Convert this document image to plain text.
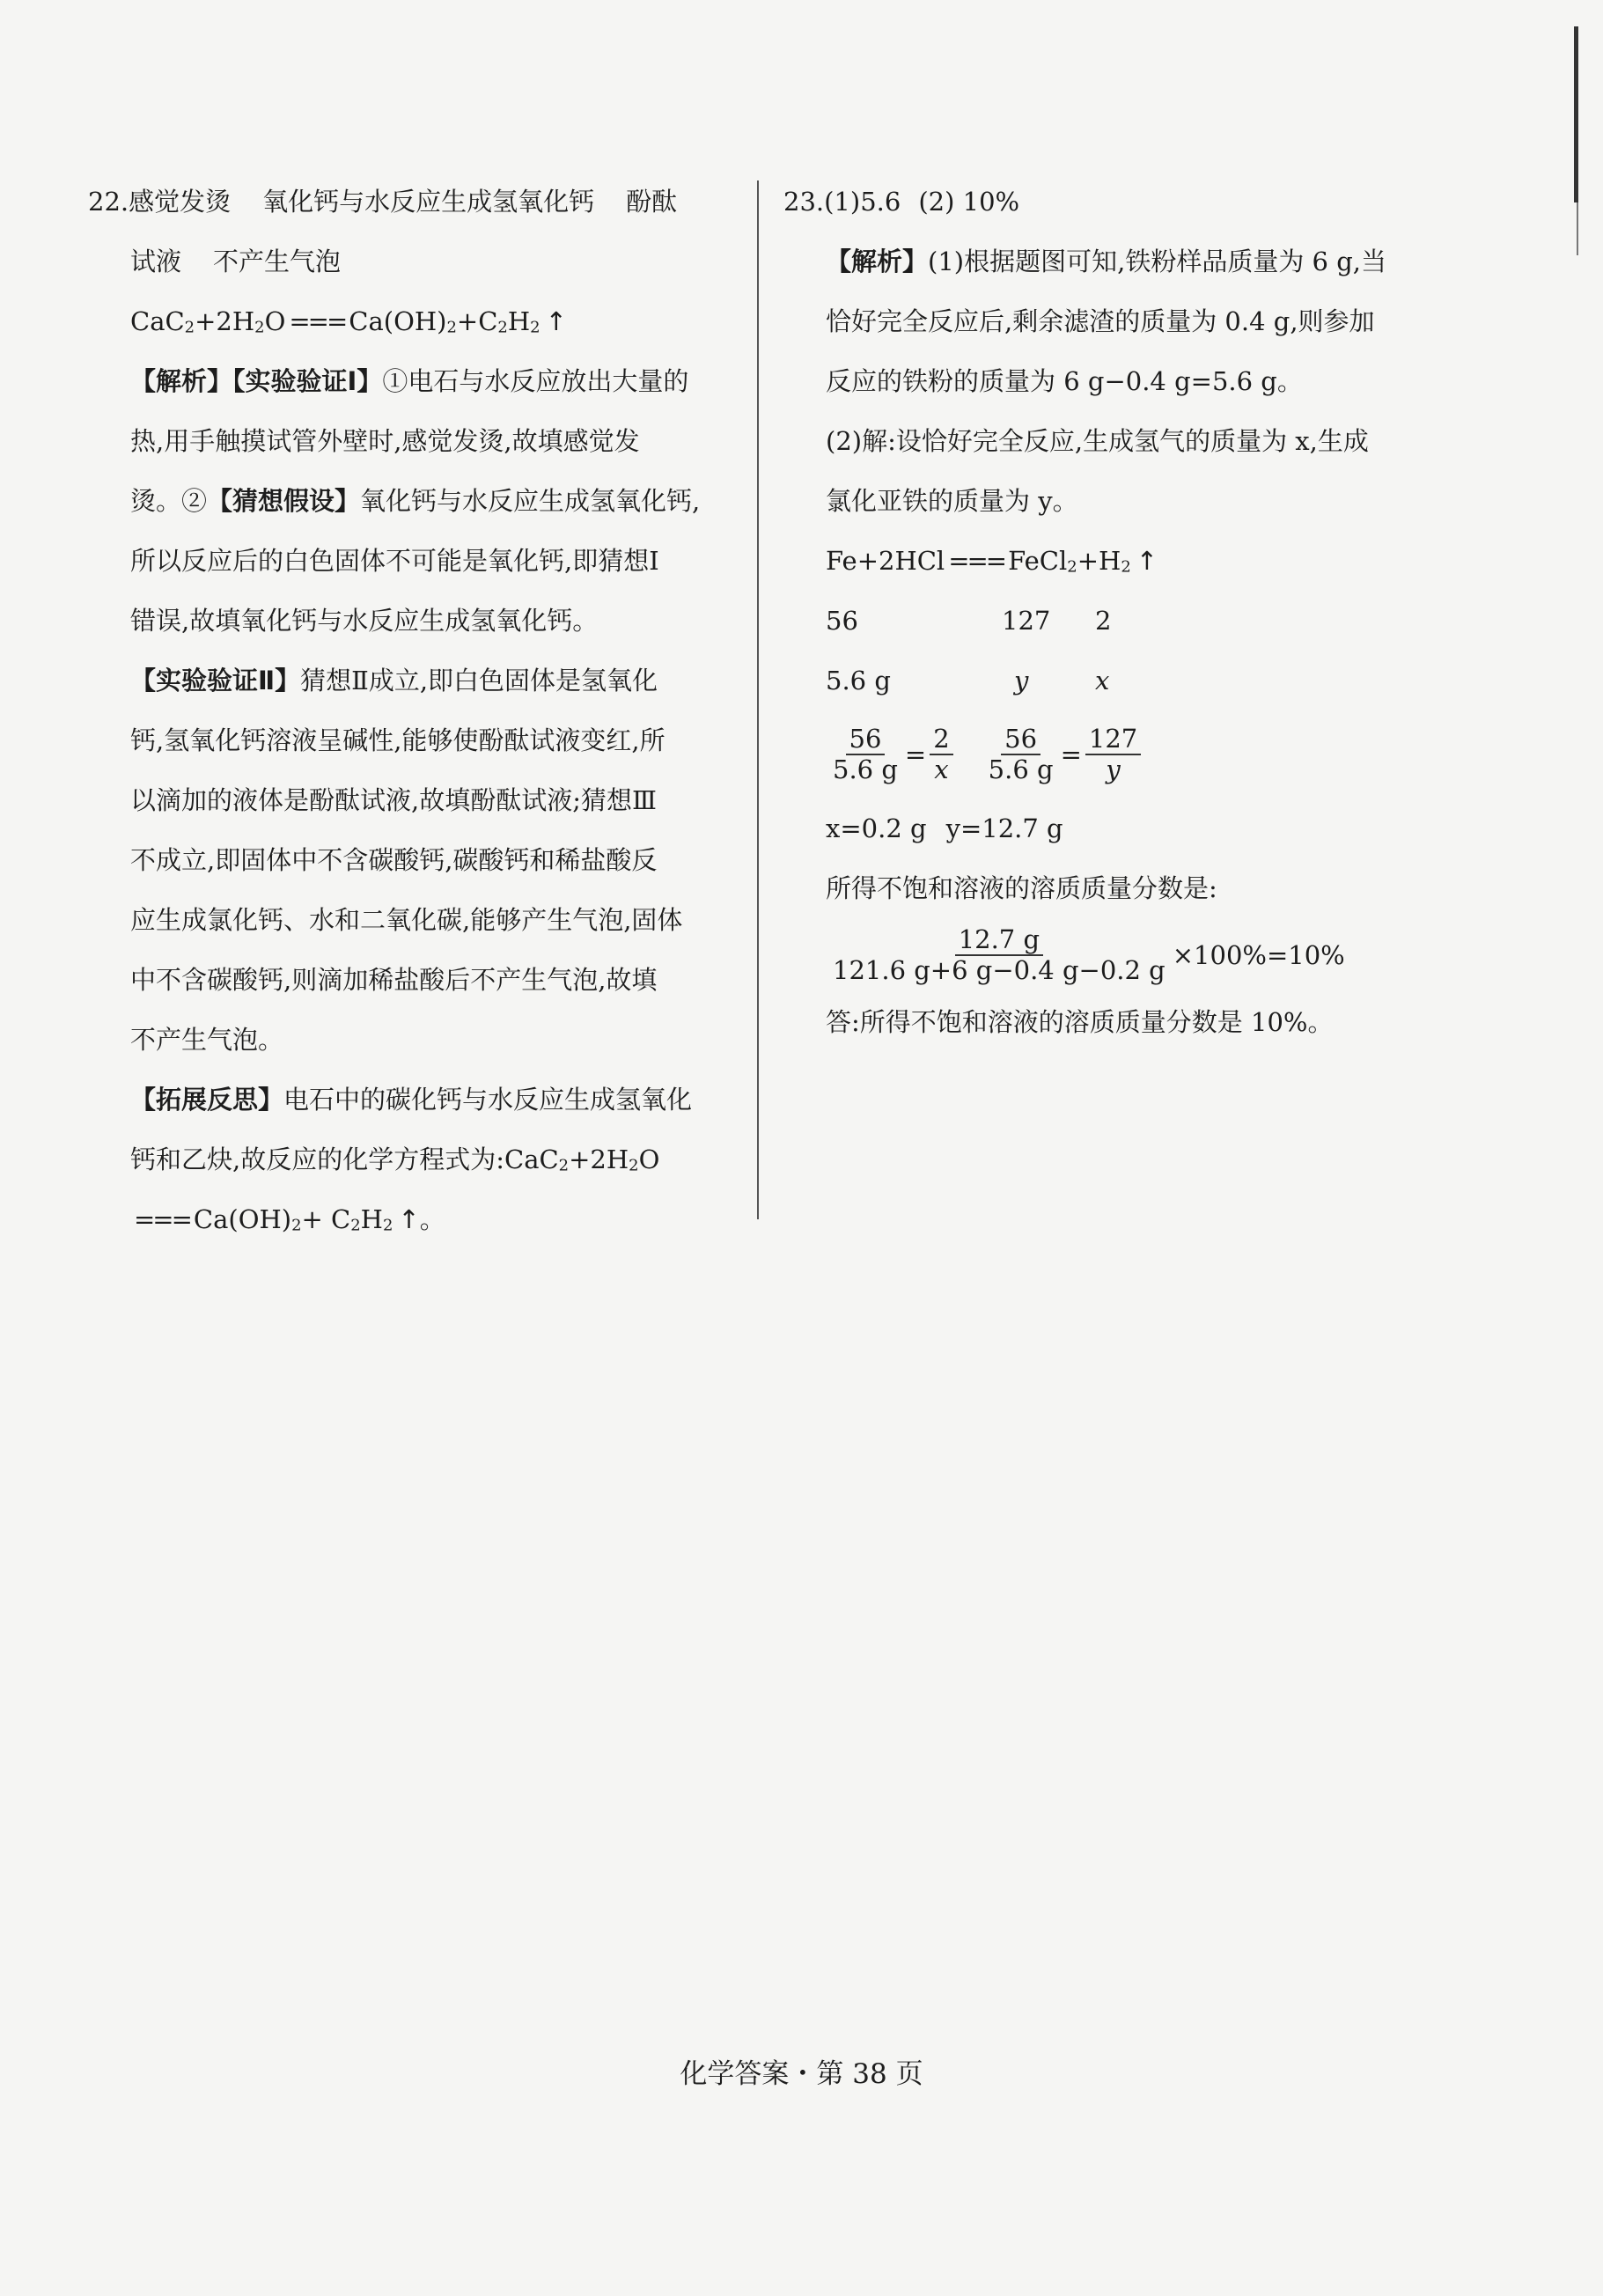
22.感觉发烫 氧化钙与水反应生成氢氧化钙 酚酞
试液 不产生气泡
$CaC_2+2H_2O$ === $Ca(OH)_2+C_2H_2$ ↑
【解析】【实验验证Ⅰ】①电石与水反应放出大量的
热,用手触摸试管外壁时,感觉发烫,故填感觉发
烫。②【猜想假设】氧化钙与水反应生成氢氧化钙,
所以反应后的白色固体不可能是氧化钙,即猜想Ⅰ
错误,故填氧化钙与水反应生成氢氧化钙。
【实验验证Ⅱ】猜想Ⅱ成立,即白色固体是氢氧化
钙,氢氧化钙溶液呈碱性,能够使酚酞试液变红,所
以滴加的液体是酚酞试液,故填酚酞试液;猜想Ⅲ
不成立,即固体中不含碳酸钙,碳酸钙和稀盐酸反
应生成氯化钙、水和二氧化碳,能够产生气泡,固体
中不含碳酸钙,则滴加稀盐酸后不产生气泡,故填
不产生气泡。
【拓展反思】电石中的碳化钙与水反应生成氢氧化
钙和乙炔,故反应的化学方程式为$:CaC_2+2H_2O$
=== $Ca(OH)_2+ C_2H_2$ ↑。
23.(1)5.6 (2) 10%
【解析】(1)根据题图可知,铁粉样品质量为 6 g,当
恰好完全反应后,剩余滤渣的质量为 0.4 g,则参加
反应的铁粉的质量为 6 g−0.4 g=5.6 g。
(2)解:设恰好完全反应,生成氢气的质量为 x,生成
氯化亚铁的质量为 y。
Fe+2HCl === $FeCl_2+H_2$ ↑
56	127 2
5.6 g	y	x
$\frac{56}{5.6 g} = \frac{2}{x} \frac{56}{5.6 g} = \frac{127}{y}$
x=0.2 g y=12.7 g
所得不饱和溶液的溶质质量分数是:
$\frac{12.7 g}{121.6 g+6 g-0.4 g-0.2 g} \times 100\%=10\%$
答:所得不饱和溶液的溶质质量分数是 10%。
化学答案・第 38 页
